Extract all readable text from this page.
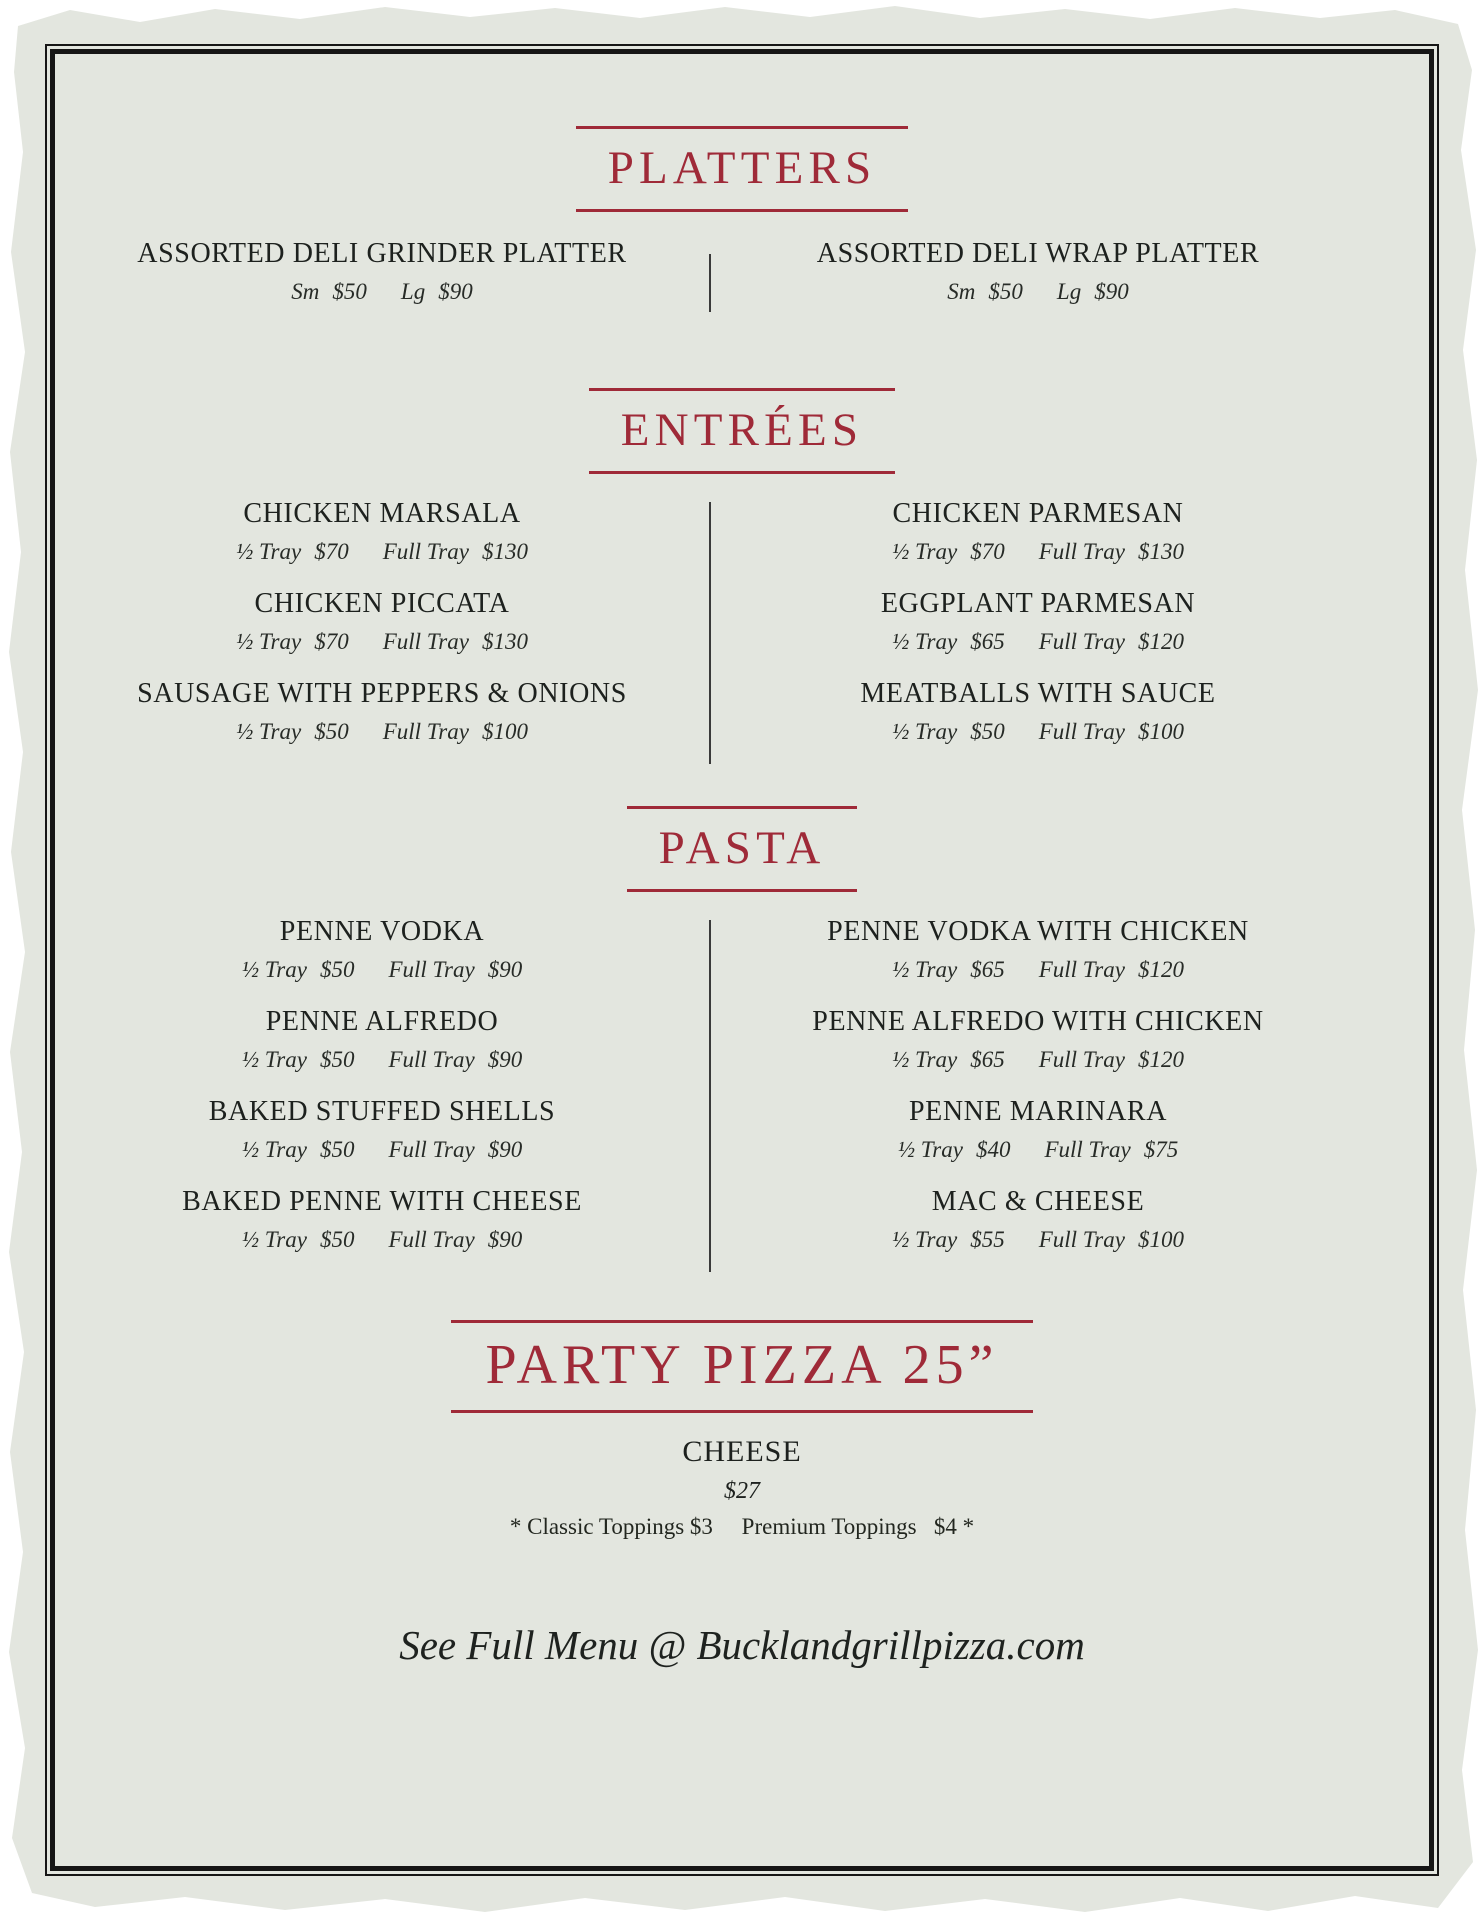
PLATTERS
ASSORTED DELI GRINDER PLATTER
Sm $50 Lg $90
ASSORTED DELI WRAP PLATTER
Sm $50 Lg $90
ENTRÉES
CHICKEN MARSALA
½ Tray $70 Full Tray $130
CHICKEN PICCATA
½ Tray $70 Full Tray $130
SAUSAGE WITH PEPPERS & ONIONS
½ Tray $50 Full Tray $100
CHICKEN PARMESAN
½ Tray $70 Full Tray $130
EGGPLANT PARMESAN
½ Tray $65 Full Tray $120
MEATBALLS WITH SAUCE
½ Tray $50 Full Tray $100
PASTA
PENNE VODKA
½ Tray $50 Full Tray $90
PENNE ALFREDO
½ Tray $50 Full Tray $90
BAKED STUFFED SHELLS
½ Tray $50 Full Tray $90
BAKED PENNE WITH CHEESE
½ Tray $50 Full Tray $90
PENNE VODKA WITH CHICKEN
½ Tray $65 Full Tray $120
PENNE ALFREDO WITH CHICKEN
½ Tray $65 Full Tray $120
PENNE MARINARA
½ Tray $40 Full Tray $75
MAC & CHEESE
½ Tray $55 Full Tray $100
PARTY PIZZA 25”
CHEESE
$27
* Classic Toppings $3     Premium Toppings   $4 *
See Full Menu @ Bucklandgrillpizza.com
